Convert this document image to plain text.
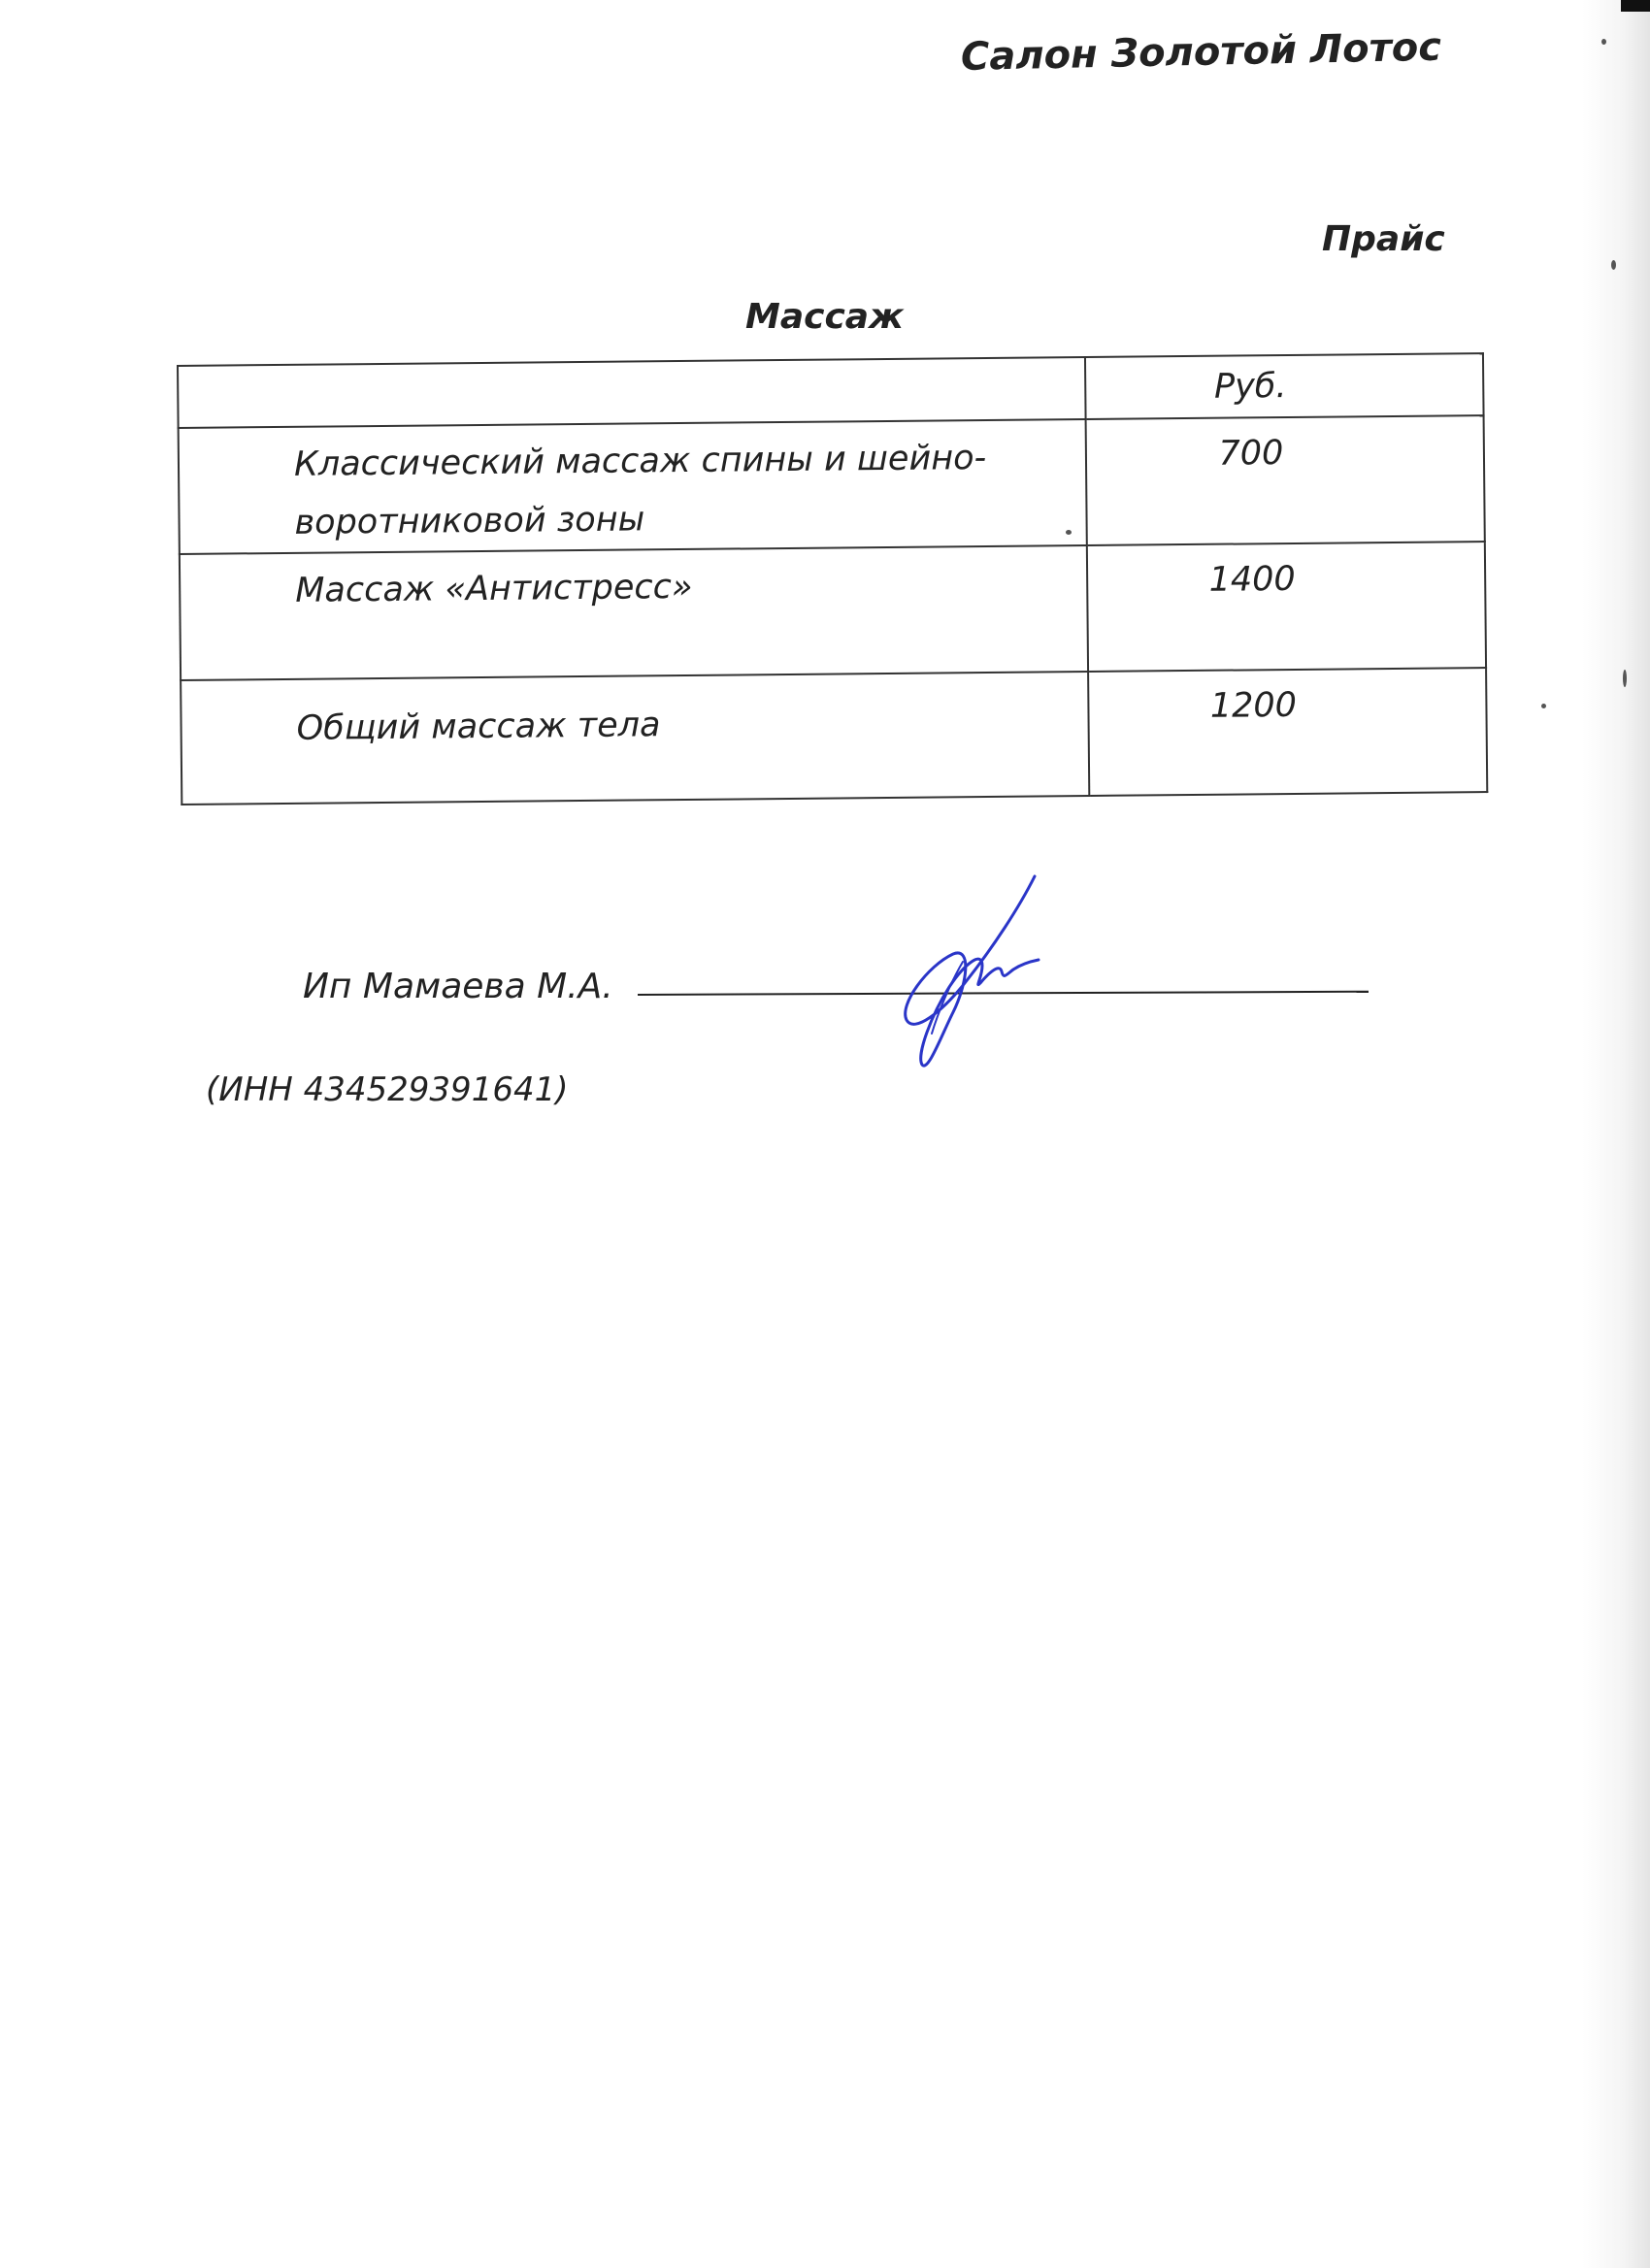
Салон Золотой Лотос
Прайс
Массаж

	Руб.

Классический массаж спины и шейно-
воротниковой зоны	700

Массаж «Антистресс»	1400

Общий массаж тела	1200
Ип Мамаева М.А.
(ИНН 434529391641)
